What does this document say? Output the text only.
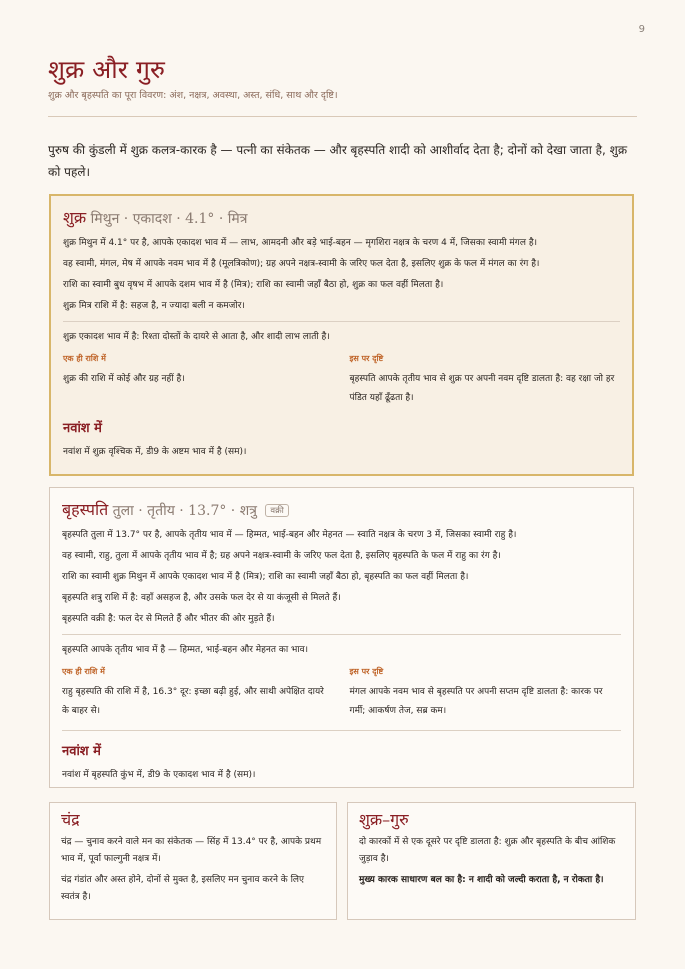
9
शुक्र और गुरु
शुक्र और बृहस्पति का पूरा विवरण: अंश, नक्षत्र, अवस्था, अस्त, संधि, साथ और दृष्टि।
पुरुष की कुंडली में शुक्र कलत्र-कारक है — पत्नी का संकेतक — और बृहस्पति शादी को आशीर्वाद देता है; दोनों को देखा जाता है, शुक्र को पहले।
शुक्र मिथुन · एकादश · 4.1° · मित्र
शुक्र मिथुन में 4.1° पर है, आपके एकादश भाव में — लाभ, आमदनी और बड़े भाई-बहन — मृगशिरा नक्षत्र के चरण 4 में, जिसका स्वामी मंगल है।
वह स्वामी, मंगल, मेष में आपके नवम भाव में है (मूलत्रिकोण); ग्रह अपने नक्षत्र-स्वामी के जरिए फल देता है, इसलिए शुक्र के फल में मंगल का रंग है।
राशि का स्वामी बुध वृषभ में आपके दशम भाव में है (मित्र); राशि का स्वामी जहाँ बैठा हो, शुक्र का फल वहीं मिलता है।
शुक्र मित्र राशि में है: सहज है, न ज्यादा बली न कमजोर।
शुक्र एकादश भाव में है: रिश्ता दोस्तों के दायरे से आता है, और शादी लाभ लाती है।
एक ही राशि में
शुक्र की राशि में कोई और ग्रह नहीं है।
इस पर दृष्टि
बृहस्पति आपके तृतीय भाव से शुक्र पर अपनी नवम दृष्टि डालता है: वह रक्षा जो हर पंडित यहाँ ढूँढता है।
नवांश में
नवांश में शुक्र वृश्चिक में, डी9 के अष्टम भाव में है (सम)।
बृहस्पति तुला · तृतीय · 13.7° · शत्रु वक्री
बृहस्पति तुला में 13.7° पर है, आपके तृतीय भाव में — हिम्मत, भाई-बहन और मेहनत — स्वाति नक्षत्र के चरण 3 में, जिसका स्वामी राहु है।
वह स्वामी, राहु, तुला में आपके तृतीय भाव में है; ग्रह अपने नक्षत्र-स्वामी के जरिए फल देता है, इसलिए बृहस्पति के फल में राहु का रंग है।
राशि का स्वामी शुक्र मिथुन में आपके एकादश भाव में है (मित्र); राशि का स्वामी जहाँ बैठा हो, बृहस्पति का फल वहीं मिलता है।
बृहस्पति शत्रु राशि में है: वहाँ असहज है, और उसके फल देर से या कंजूसी से मिलते हैं।
बृहस्पति वक्री है: फल देर से मिलते हैं और भीतर की ओर मुड़ते हैं।
बृहस्पति आपके तृतीय भाव में है — हिम्मत, भाई-बहन और मेहनत का भाव।
एक ही राशि में
राहु बृहस्पति की राशि में है, 16.3° दूर: इच्छा बढ़ी हुई, और साथी अपेक्षित दायरे के बाहर से।
इस पर दृष्टि
मंगल आपके नवम भाव से बृहस्पति पर अपनी सप्तम दृष्टि डालता है: कारक पर गर्मी; आकर्षण तेज, सब्र कम।
नवांश में
नवांश में बृहस्पति कुंभ में, डी9 के एकादश भाव में है (सम)।
चंद्र
चंद्र — चुनाव करने वाले मन का संकेतक — सिंह में 13.4° पर है, आपके प्रथम भाव में, पूर्वा फाल्गुनी नक्षत्र में।
चंद्र गंडांत और अस्त होने, दोनों से मुक्त है, इसलिए मन चुनाव करने के लिए स्वतंत्र है।
शुक्र–गुरु
दो कारकों में से एक दूसरे पर दृष्टि डालता है: शुक्र और बृहस्पति के बीच आंशिक जुड़ाव है।
मुख्य कारक साधारण बल का है: न शादी को जल्दी कराता है, न रोकता है।
